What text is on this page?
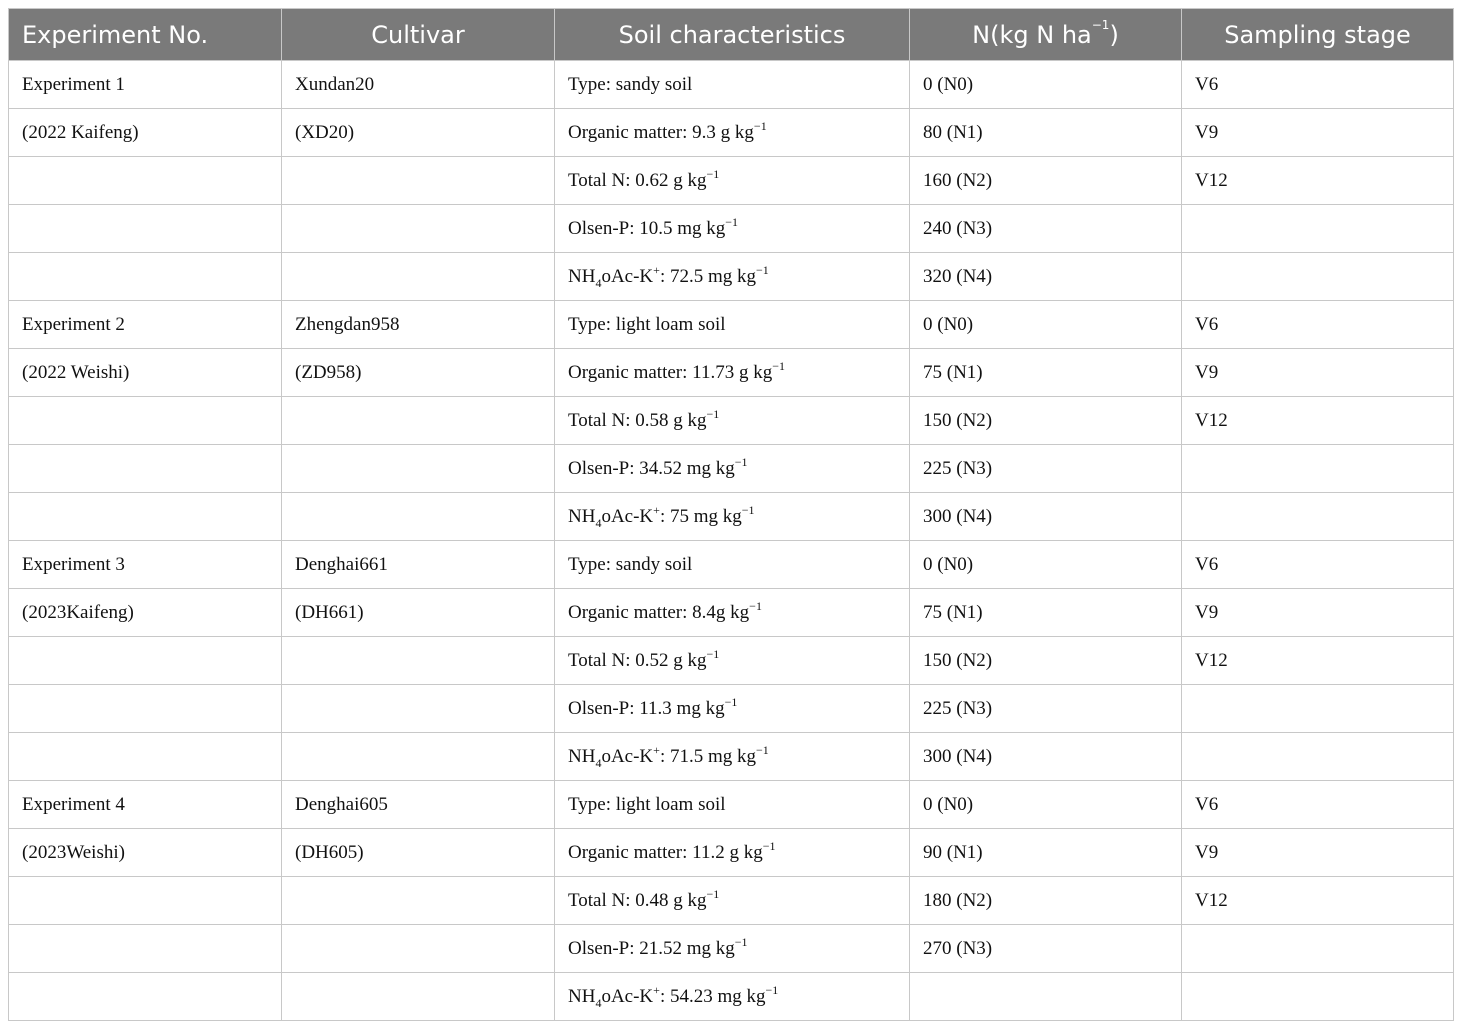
Experiment No.	Cultivar	Soil characteristics	N(kg N $ha^{-1}$)	Sampling stage
Experiment 1	Xundan20	Type: sandy soil	0 (N0)	V6
(2022 Kaifeng)	(XD20)	Organic matter: 9.3 g $kg^{-1}$	80 (N1)	V9
		Total N: 0.62 g $kg^{-1}$	160 (N2)	V12
		Olsen-P: 10.5 mg $kg^{-1}$	240 (N3)	
		$NH_4oAc-K^+$: 72.5 mg $kg^{-1}$	320 (N4)	
Experiment 2	Zhengdan958	Type: light loam soil	0 (N0)	V6
(2022 Weishi)	(ZD958)	Organic matter: 11.73 g $kg^{-1}$	75 (N1)	V9
		Total N: 0.58 g $kg^{-1}$	150 (N2)	V12
		Olsen-P: 34.52 mg $kg^{-1}$	225 (N3)	
		$NH_4oAc-K^+$: 75 mg $kg^{-1}$	300 (N4)	
Experiment 3	Denghai661	Type: sandy soil	0 (N0)	V6
(2023Kaifeng)	(DH661)	Organic matter: 8.4g $kg^{-1}$	75 (N1)	V9
		Total N: 0.52 g $kg^{-1}$	150 (N2)	V12
		Olsen-P: 11.3 mg $kg^{-1}$	225 (N3)	
		$NH_4oAc-K^+$: 71.5 mg $kg^{-1}$	300 (N4)	
Experiment 4	Denghai605	Type: light loam soil	0 (N0)	V6
(2023Weishi)	(DH605)	Organic matter: 11.2 g $kg^{-1}$	90 (N1)	V9
		Total N: 0.48 g $kg^{-1}$	180 (N2)	V12
		Olsen-P: 21.52 mg $kg^{-1}$	270 (N3)	
		$NH_4oAc-K^+$: 54.23 mg $kg^{-1}$		
